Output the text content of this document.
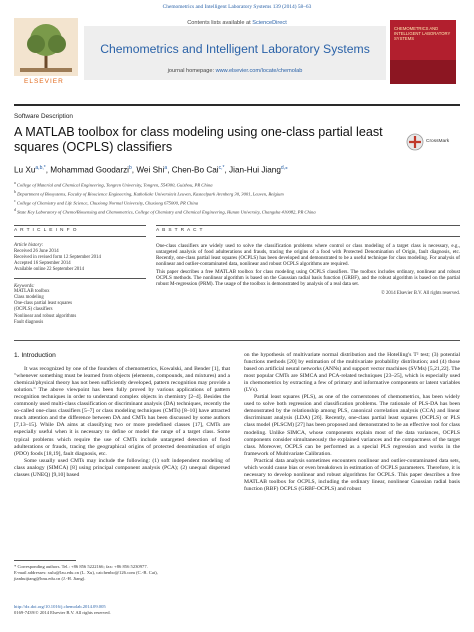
Chemometrics and Intelligent Laboratory Systems 139 (2014) 58–63
ELSEVIER
Contents lists available at ScienceDirect
Chemometrics and Intelligent Laboratory Systems
journal homepage: www.elsevier.com/locate/chemolab
CHEMOMETRICS AND INTELLIGENT LABORATORY SYSTEMS
Software Description
A MATLAB toolbox for class modeling using one-class partial least squares (OCPLS) classifiers	CrossMark
Lu $Xu^{a,b,*}$, Mohammad Goodarzi$^b$, Wei Shi$^a$, Chen-Bo Cai$^{c,*}$, Jian-Hui Jiang$^{d,⁎}$
$^a$ College of Material and Chemical Engineering, Tongren University, Tongren, 554300, Guizhou, PR China
$^b$ Department of Biosystems, Faculty of Bioscience Engineering, Katholieke Universiteit Leuven, Kasteelpark Arenberg 30, 3001, Leuven, Belgium
$^c$ College of Chemistry and Life Science, Chuxiong Normal University, Chuxiong 675000, PR China
$^d$ State Key Laboratory of Chemo/Biosensing and Chemometrics, College of Chemistry and Chemical Engineering, Hunan University, Changsha 410082, PR China
A R T I C L E I N F O
Article history:
Received 26 June 2014
Received in revised form 12 September 2014
Accepted 16 September 2014
Available online 22 September 2014
Keywords:
MATLAB toolbox
Class modeling
One-class partial least squares
(OCPLS) classifiers
Nonlinear and robust algorithms
Fault diagnosis
A B S T R A C T

One-class classifiers are widely used to solve the classification problems where control or class modeling of a target class is necessary, e.g., untargeted analysis of food adulterations and frauds, tracing the origins of a food with Protected Denomination of Origin, fault diagnosis, etc. Recently, one-class partial least squares (OCPLS) has been developed and demonstrated to be a useful technique for class modeling. For analysis of nonlinear and outlier-contaminated data, nonlinear and robust OCPLS algorithms are required.

This paper describes a free MATLAB toolbox for class modeling using OCPLS classifiers. The toolbox includes ordinary, nonlinear and robust OCPLS methods. The nonlinear algorithm is based on the Gaussian radial basis function (GRBF), and the robust algorithm is based on the partial robust M-regression (PRM). The usage of the toolbox is demonstrated by analysis of a real data set.

© 2014 Elsevier B.V. All rights reserved.
1. Introduction

It was recognized by one of the founders of chemometrics, Kowalski, and Bender [1], that "whenever something must be learned from objects (elements, compounds, and mixtures) and a chemical/physical theory has not been sufficiently developed, pattern recognition may provide a solution." The above viewpoint has been fully proved by various applications of pattern recognition techniques in order to understand complex objects in chemistry [2–4]. Besides the commonly used multi-class classification or discriminant analysis (DA) techniques, recently the so-called one-class classifiers [5–7] or class modeling techniques (CMTs) [8–10] have attracted much attention and the difference between DA and CMTs has been discussed by some authors [7,13–15]. While DA aims at classifying two or more predefined classes [17], CMTs are especially useful when it is necessary to define or model the range of a target class. Some typical problems which require the use of CMTs include untargeted detection of food adulterations or frauds, tracing the geographical origins of protected denomination of origin (PDO) foods [18,19], fault diagnosis, etc.

Some usually used CMTs may include the following: (1) soft independent modeling of class analogy (SIMCA) [8] using principal component analysis (PCA); (2) unequal dispersed classes (UNEQ) [9,10] based

on the hypothesis of multivariate normal distribution and the Hotelling's T² test; (3) potential functions methods [20] by estimation of the multivariate probability distribution; and (4) those based on artificial neural networks (ANNs) and support vector machines (SVMs) [5,21,22]. The most popular CMTs are SIMCA and PCA-related techniques [23–25], which is especially used in chemometrics by extracting a few of primary and informative components or latent variables (LVs).

Partial least squares (PLS), as one of the cornerstones of chemometrics, has been widely used to solve both regression and classification problems. The rationale of PLS-DA has been demonstrated by the relationship among PLS, canonical correlation analysis (CCA) and linear discriminant analysis (LDA) [26]. Recently, one-class partial least squares (OCPLS) or PLS class model (PLSCM) [27] has been proposed and demonstrated to be an effective tool for class modeling. Unlike SIMCA, whose components explain most of the data variances, OCPLS components consider simultaneously the explained variances and the compactness of the target class. Moreover, OCPLS can be performed as a special PLS regression and works in the framework of Multivariate Calibration.

Practical data analysis sometimes encounters nonlinear and outlier-contaminated data sets, which would cause bias or even breakdown in estimation of OCPLS parameters. Therefore, it is necessary to develop nonlinear and robust algorithms for OCPLS. This paper describes a free MATLAB toolbox for OCPLS, including the ordinary linear, nonlinear Gaussian radial basis function (RBF) OCPLS (GRBF-OCPLS) and robust

* Corresponding authors. Tel.: +86 856 5222166; fax: +86 856 5230977.
E-mail addresses: xulu@lzu.edu.cn (L. Xu), caichenbo@126.com (C.-B. Cai),
jianhuijiang@hnu.edu.cn (J.-H. Jiang).
http://dx.doi.org/10.1016/j.chemolab.2014.09.005
0169-7439/© 2014 Elsevier B.V. All rights reserved.
